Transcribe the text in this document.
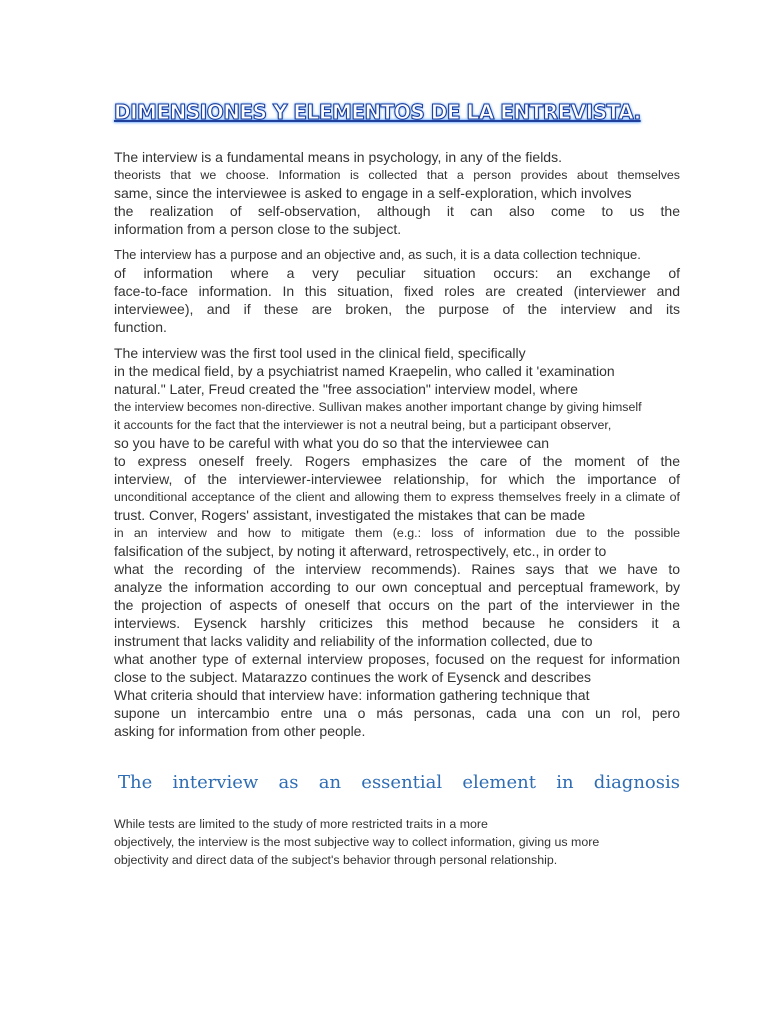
DIMENSIONES Y ELEMENTOS DE LA ENTREVISTA.
The interview is a fundamental means in psychology, in any of the fields.
theorists that we choose. Information is collected that a person provides about themselves
same, since the interviewee is asked to engage in a self-exploration, which involves
the realization of self-observation, although it can also come to us the
information from a person close to the subject.
The interview has a purpose and an objective and, as such, it is a data collection technique.
of information where a very peculiar situation occurs: an exchange of
face-to-face information. In this situation, fixed roles are created (interviewer and
interviewee), and if these are broken, the purpose of the interview and its
function.
The interview was the first tool used in the clinical field, specifically
in the medical field, by a psychiatrist named Kraepelin, who called it 'examination
natural." Later, Freud created the "free association" interview model, where
the interview becomes non-directive. Sullivan makes another important change by giving himself
it accounts for the fact that the interviewer is not a neutral being, but a participant observer,
so you have to be careful with what you do so that the interviewee can
to express oneself freely. Rogers emphasizes the care of the moment of the
interview, of the interviewer-interviewee relationship, for which the importance of
unconditional acceptance of the client and allowing them to express themselves freely in a climate of
trust. Conver, Rogers' assistant, investigated the mistakes that can be made
in an interview and how to mitigate them (e.g.: loss of information due to the possible
falsification of the subject, by noting it afterward, retrospectively, etc., in order to
what the recording of the interview recommends). Raines says that we have to
analyze the information according to our own conceptual and perceptual framework, by
the projection of aspects of oneself that occurs on the part of the interviewer in the
interviews. Eysenck harshly criticizes this method because he considers it a
instrument that lacks validity and reliability of the information collected, due to
what another type of external interview proposes, focused on the request for information
close to the subject. Matarazzo continues the work of Eysenck and describes
What criteria should that interview have: information gathering technique that
supone un intercambio entre una o más personas, cada una con un rol, pero
asking for information from other people.
The interview as an essential element in diagnosis

While tests are limited to the study of more restricted traits in a more

objectively, the interview is the most subjective way to collect information, giving us more

objectivity and direct data of the subject's behavior through personal relationship.
